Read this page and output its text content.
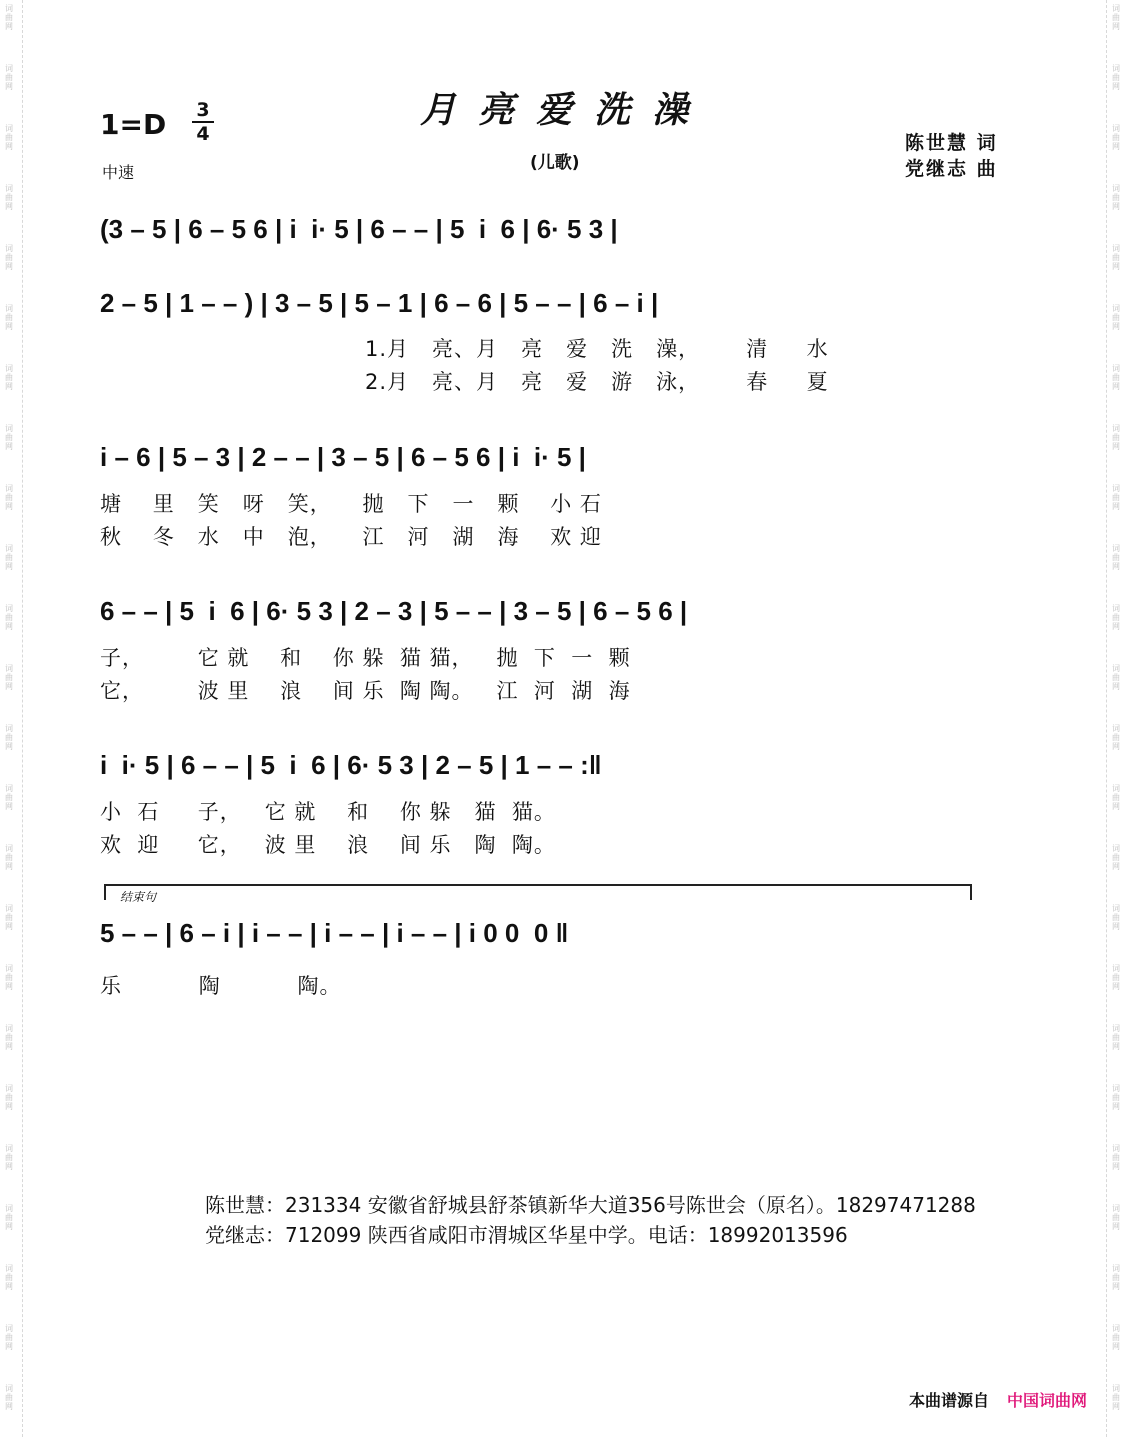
词
曲
网
词
曲
网
词
曲
网
词
曲
网
词
曲
网
词
曲
网
词
曲
网
词
曲
网
词
曲
网
词
曲
网
词
曲
网
词
曲
网
词
曲
网
词
曲
网
词
曲
网
词
曲
网
词
曲
网
词
曲
网
词
曲
网
词
曲
网
词
曲
网
词
曲
网
词
曲
网
词
曲
网
词
曲
网
词
曲
网
词
曲
网
词
曲
网
词
曲
网
词
曲
网
词
曲
网
词
曲
网
词
曲
网
词
曲
网
词
曲
网
词
曲
网
词
曲
网
词
曲
网
词
曲
网
词
曲
网
词
曲
网
词
曲
网
词
曲
网
词
曲
网
词
曲
网
词
曲
网
词
曲
网
词
曲
网
1=D 3
4
中速
月亮爱洗澡
(儿歌)
陈世慧 词
党继志 曲
(3 – 5 | 6 – 5 6 | i  i· 5 | 6 – – | 5  i  6 | 6· 5 3 |
2 – 5 | 1 – – ) | 3 – 5 | 5 – 1 | 6 – 6 | 5 – – | 6 – i |
1.月   亮、月   亮   爱   洗   澡，      清     水
2.月   亮、月   亮   爱   游   泳，      春     夏
i – 6 | 5 – 3 | 2 – – | 3 – 5 | 6 – 5 6 | i  i· 5 |
塘    里   笑   呀   笑，    抛   下   一   颗    小 石
秋    冬   水   中   泡，    江   河   湖   海    欢 迎
6 – – | 5  i  6 | 6· 5 3 | 2 – 3 | 5 – – | 3 – 5 | 6 – 5 6 |
子，       它 就    和    你 躲  猫 猫，   抛  下  一  颗
它，       波 里    浪    间 乐  陶 陶。   江  河  湖  海
i  i· 5 | 6 – – | 5  i  6 | 6· 5 3 | 2 – 5 | 1 – – :‖
小  石     子，   它 就    和    你 躲   猫  猫。
欢  迎     它，   波 里    浪    间 乐   陶  陶。
结束句
5 – – | 6 – i | i – – | i – – | i – – | i 0 0  0 ‖
乐          陶          陶。
陈世慧：231334 安徽省舒城县舒茶镇新华大道356号陈世会（原名）。18297471288
党继志：712099 陕西省咸阳市渭城区华星中学。电话：18992013596
本曲谱源自 中国词曲网
